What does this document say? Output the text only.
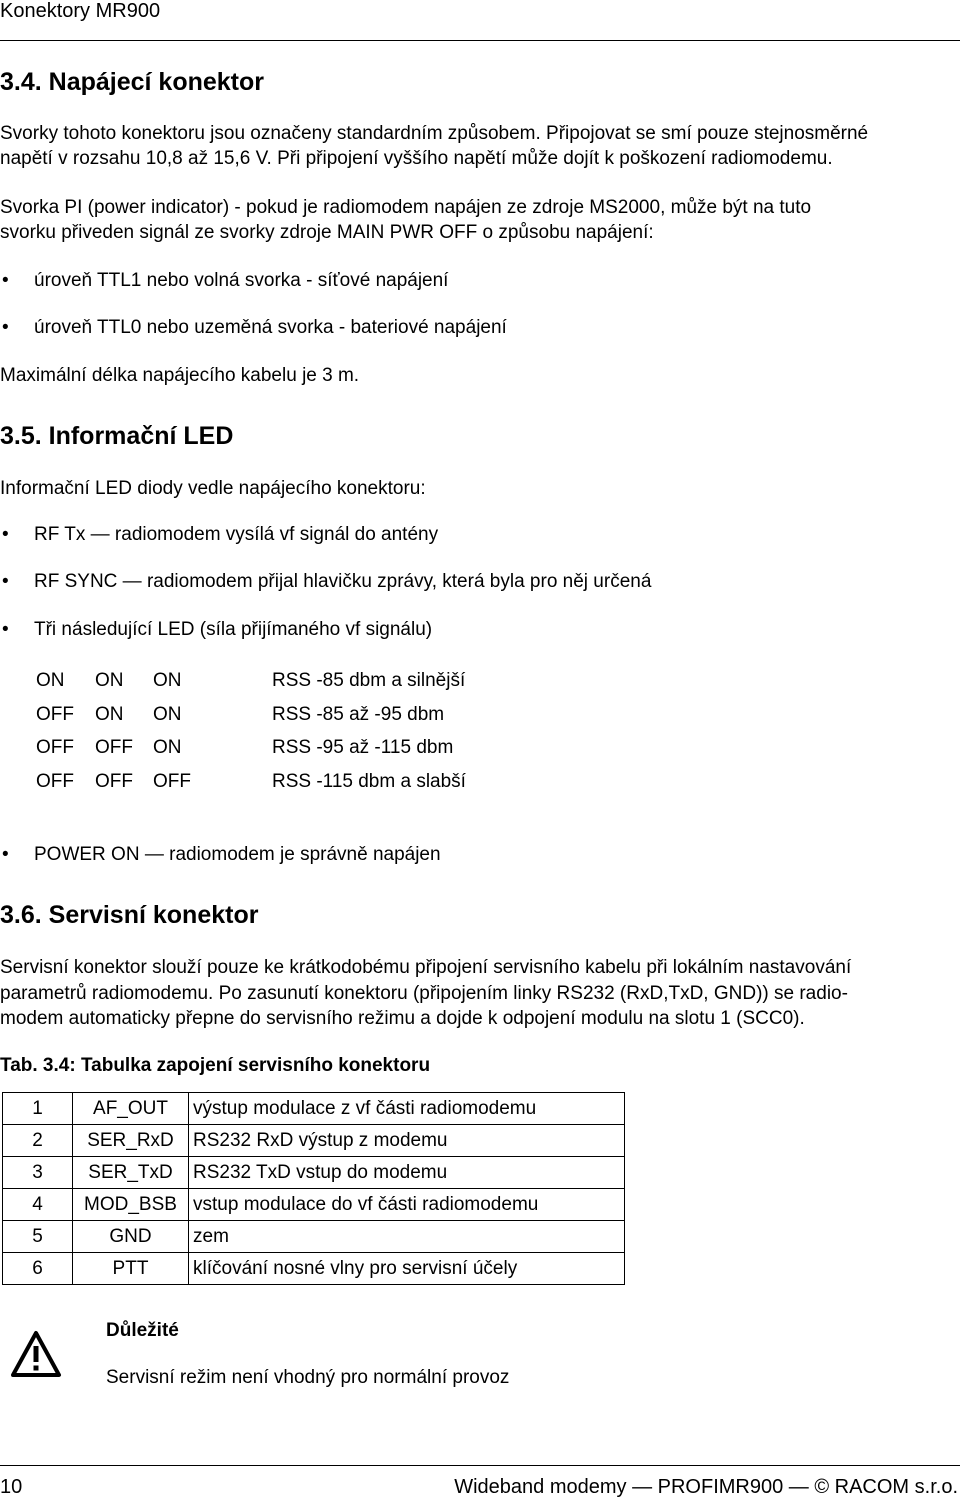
Konektory MR900
3.4. Napájecí konektor
Svorky tohoto konektoru jsou označeny standardním způsobem. Připojovat se smí pouze stejnosměrné
napětí v rozsahu 10,8 až 15,6 V. Při připojení vyššího napětí může dojít k poškození radiomodemu.
Svorka PI (power indicator) - pokud je radiomodem napájen ze zdroje MS2000, může být na tuto
svorku přiveden signál ze svorky zdroje MAIN PWR OFF o způsobu napájení:
• úroveň TTL1 nebo volná svorka - síťové napájení
• úroveň TTL0 nebo uzeměná svorka - bateriové napájení
Maximální délka napájecího kabelu je 3 m.
3.5. Informační LED
Informační LED diody vedle napájecího konektoru:
• RF Tx — radiomodem vysílá vf signál do antény
• RF SYNC — radiomodem přijal hlavičku zprávy, která byla pro něj určená
• Tři následující LED (síla přijímaného vf signálu)
ON ON ON	RSS -85 dbm a silnější
OFF ON ON	RSS -85 až -95 dbm
OFF OFF ON	RSS -95 až -115 dbm
OFF OFF OFF	RSS -115 dbm a slabší
• POWER ON — radiomodem je správně napájen
3.6. Servisní konektor
Servisní konektor slouží pouze ke krátkodobému připojení servisního kabelu při lokálním nastavování
parametrů radiomodemu. Po zasunutí konektoru (připojením linky RS232 (RxD,TxD, GND)) se radio-
modem automaticky přepne do servisního režimu a dojde k odpojení modulu na slotu 1 (SCC0).
Tab. 3.4: Tabulka zapojení servisního konektoru
1	AF_OUT	výstup modulace z vf části radiomodemu
2	SER_RxD	RS232 RxD výstup z modemu
3	SER_TxD	RS232 TxD vstup do modemu
4	MOD_BSB	vstup modulace do vf části radiomodemu
5	GND	zem
6	PTT	klíčování nosné vlny pro servisní účely
Důležité
Servisní režim není vhodný pro normální provoz
10	Wideband modemy — PROFIMR900 — © RACOM s.r.o.
